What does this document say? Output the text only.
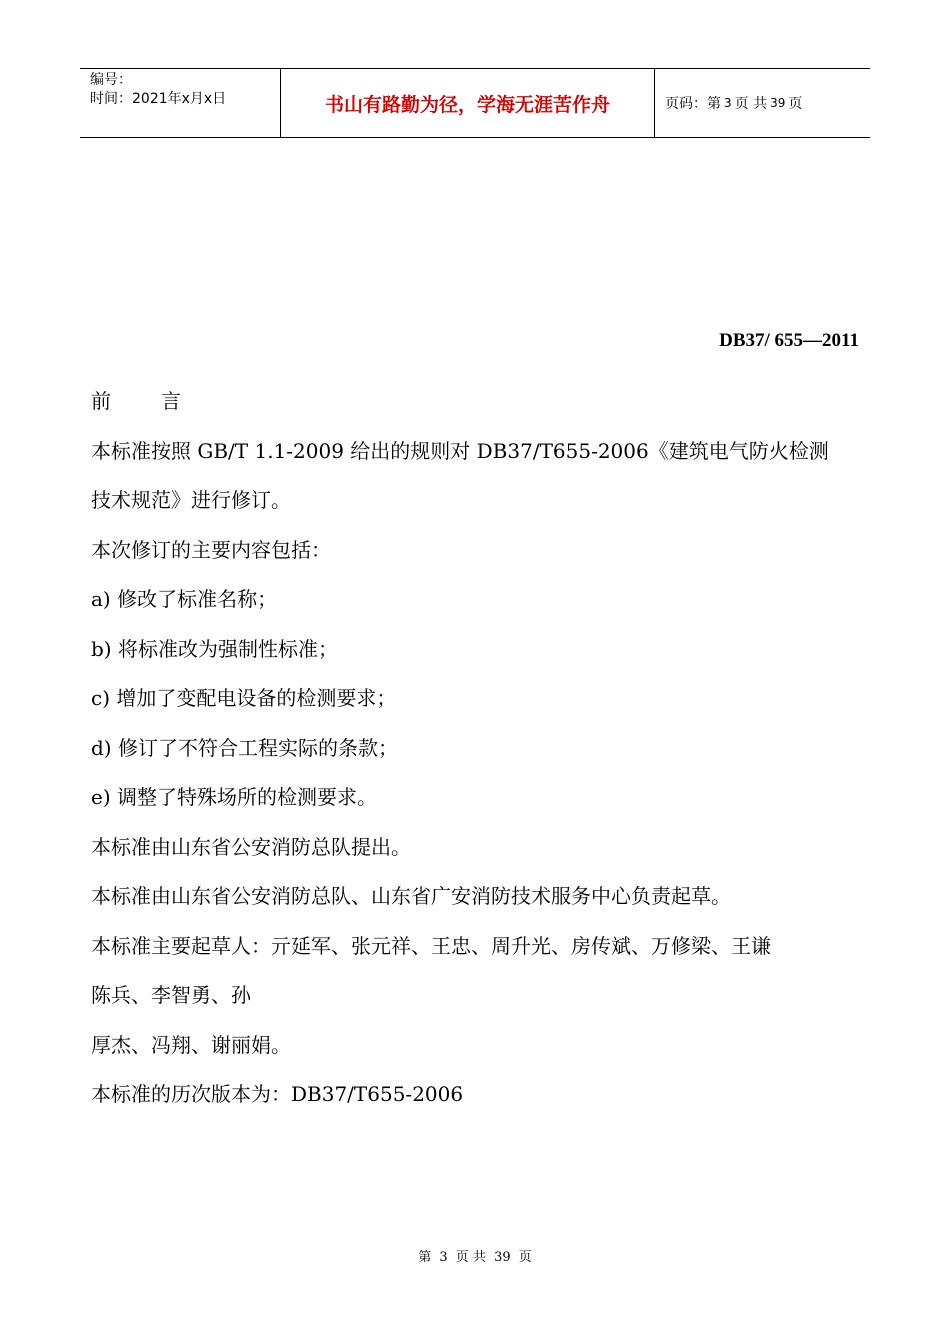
编号：
时间：2021年x月x日	书山有路勤为径，学海无涯苦作舟	页码：第 3 页 共 39 页
DB37/ 655—2011

前	言

本标准按照 GB/T 1.1-2009 给出的规则对 DB37/T655-2006《建筑电气防火检测

技术规范》进行修订。

本次修订的主要内容包括：

a) 修改了标准名称；

b) 将标准改为强制性标准；

c) 增加了变配电设备的检测要求；

d) 修订了不符合工程实际的条款；

e) 调整了特殊场所的检测要求。

本标准由山东省公安消防总队提出。

本标准由山东省公安消防总队、山东省广安消防技术服务中心负责起草。

本标准主要起草人：亓延军、张元祥、王忠、周升光、房传斌、万修梁、王谦

陈兵、李智勇、孙

厚杰、冯翔、谢丽娟。

本标准的历次版本为：DB37/T655-2006

第 3 页 共 39 页
